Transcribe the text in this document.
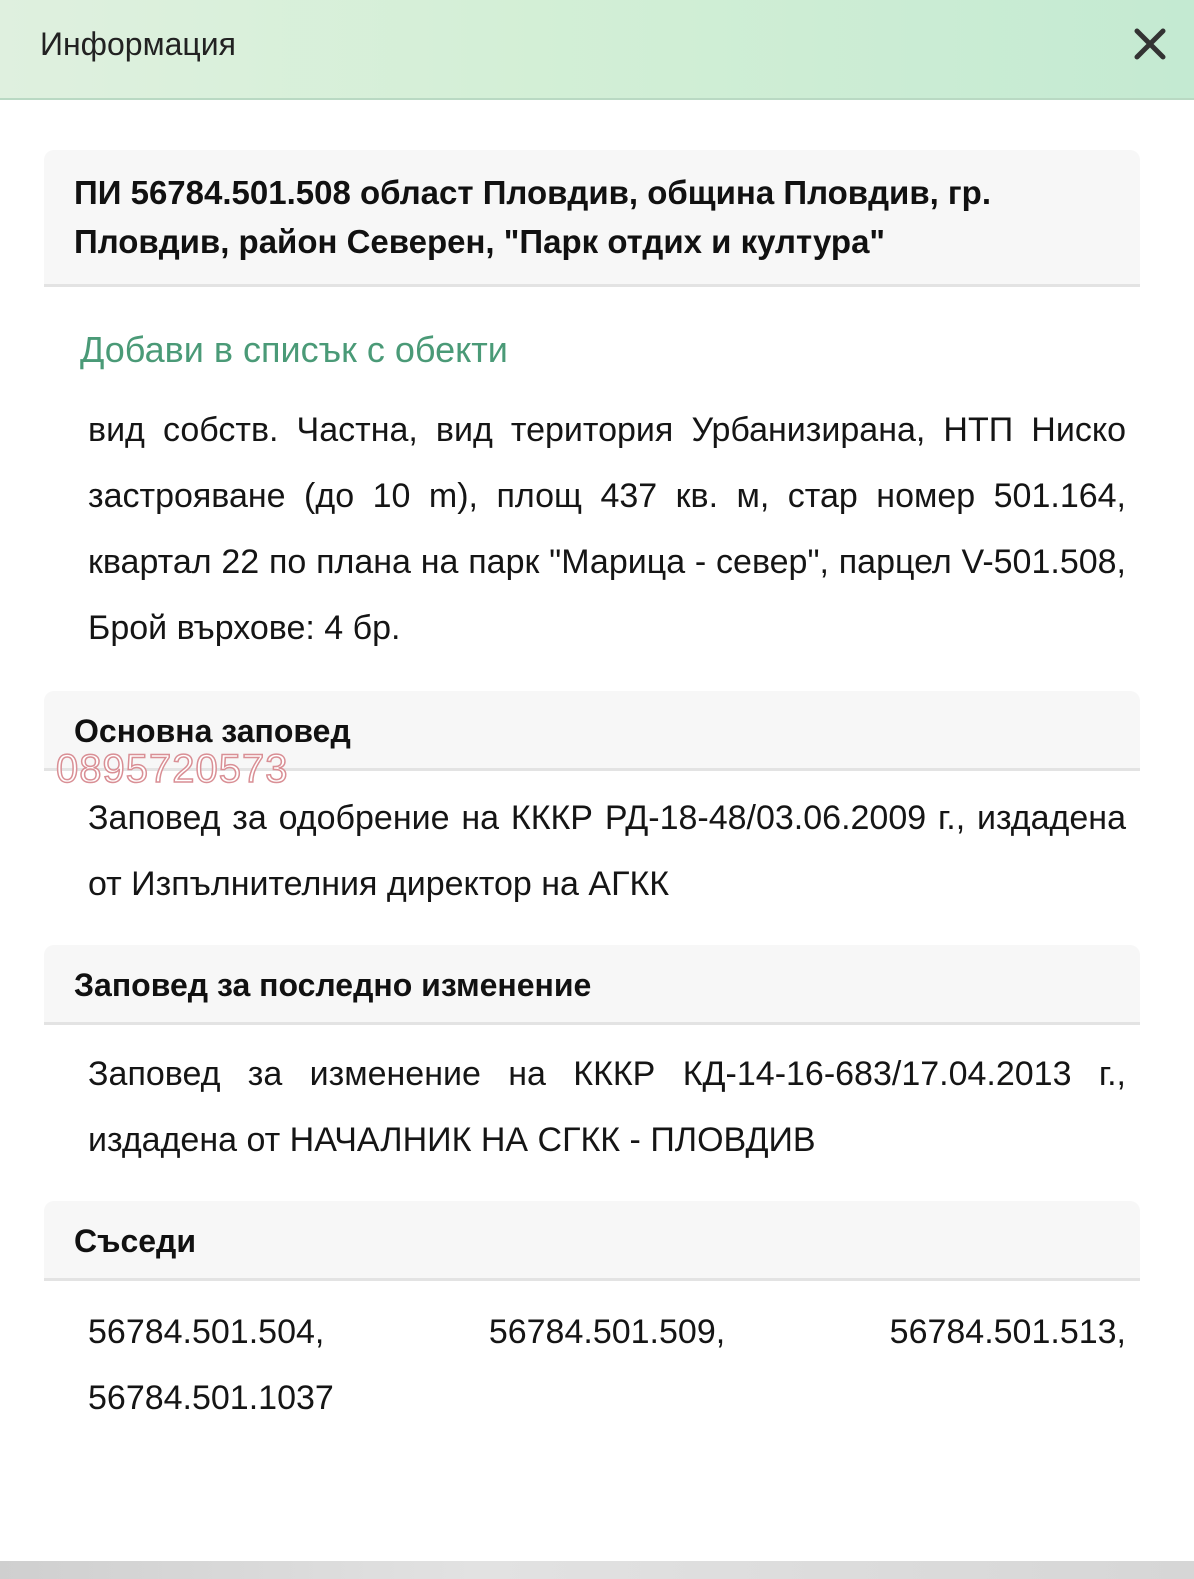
Информация
ПИ 56784.501.508 област Пловдив, община Пловдив, гр. Пловдив, район Северен, "Парк отдих и култура"
Добави в списък с обекти
вид собств. Частна, вид територия Урбанизирана, НТП Ниско застрояване (до 10 m), площ 437 кв. м, стар номер 501.164, квартал 22 по плана на парк "Марица - север", парцел V-501.508, Брой върхове: 4 бр.
Основна заповед
Заповед за одобрение на КККР РД-18-48/03.06.2009 г., издадена от Изпълнителния директор на АГКК
Заповед за последно изменение
Заповед за изменение на КККР КД-14-16-683/17.04.2013 г., издадена от НАЧАЛНИК НА СГКК - ПЛОВДИВ
Съседи
56784.501.504,	56784.501.509,	56784.501.513,
56784.501.1037
0895720573
